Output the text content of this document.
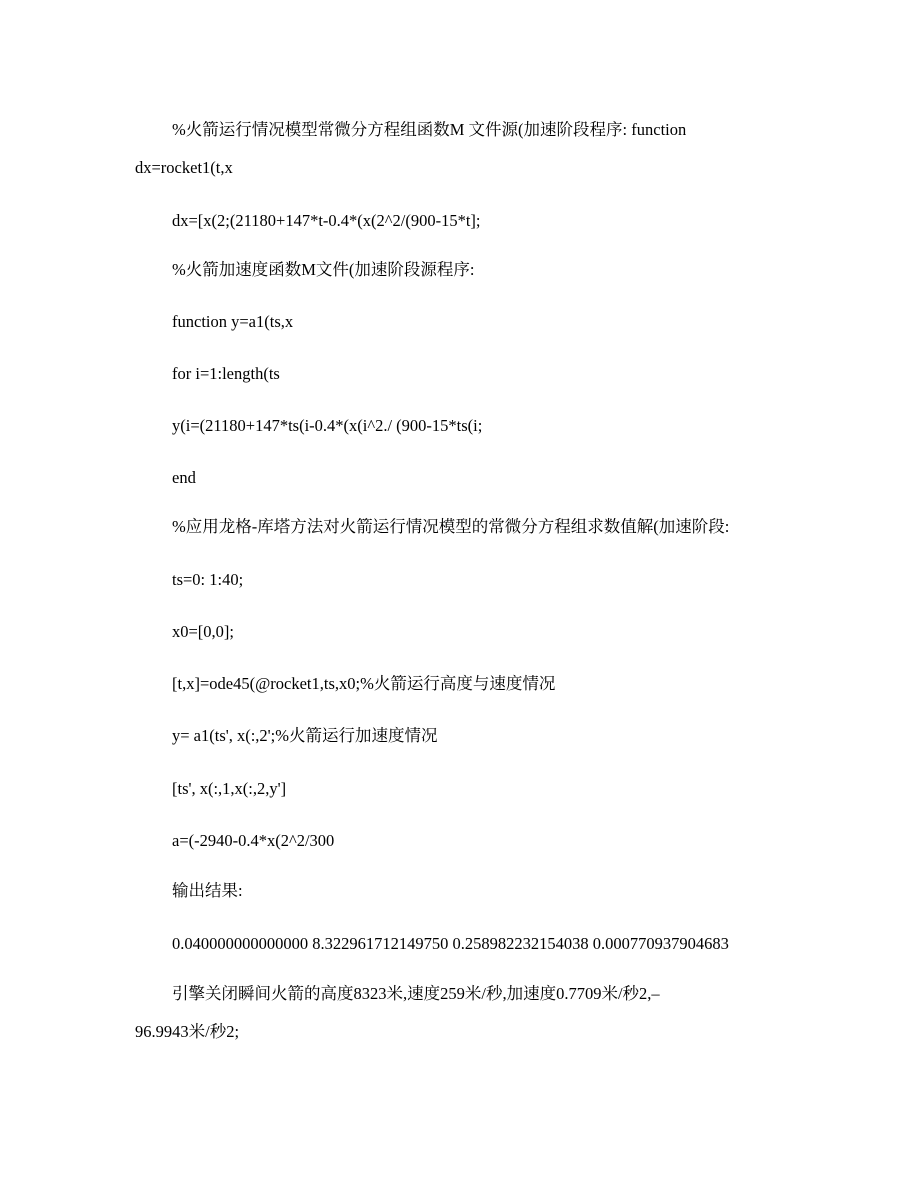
%火箭运行情况模型常微分方程组函数M 文件源(加速阶段程序: function

dx=rocket1(t,x

dx=[x(2;(21180+147*t-0.4*(x(2^2/(900-15*t];

%火箭加速度函数M文件(加速阶段源程序:

function y=a1(ts,x

for i=1:length(ts

y(i=(21180+147*ts(i-0.4*(x(i^2./ (900-15*ts(i;

end

%应用龙格-库塔方法对火箭运行情况模型的常微分方程组求数值解(加速阶段:

ts=0: 1:40;

x0=[0,0];

[t,x]=ode45(@rocket1,ts,x0;%火箭运行高度与速度情况

y= a1(ts', x(:,2';%火箭运行加速度情况

[ts', x(:,1,x(:,2,y']

a=(-2940-0.4*x(2^2/300

输出结果:

0.040000000000000 8.322961712149750 0.258982232154038 0.000770937904683

引擎关闭瞬间火箭的高度8323米,速度259米/秒,加速度0.7709米/秒2,–

96.9943米/秒2;
